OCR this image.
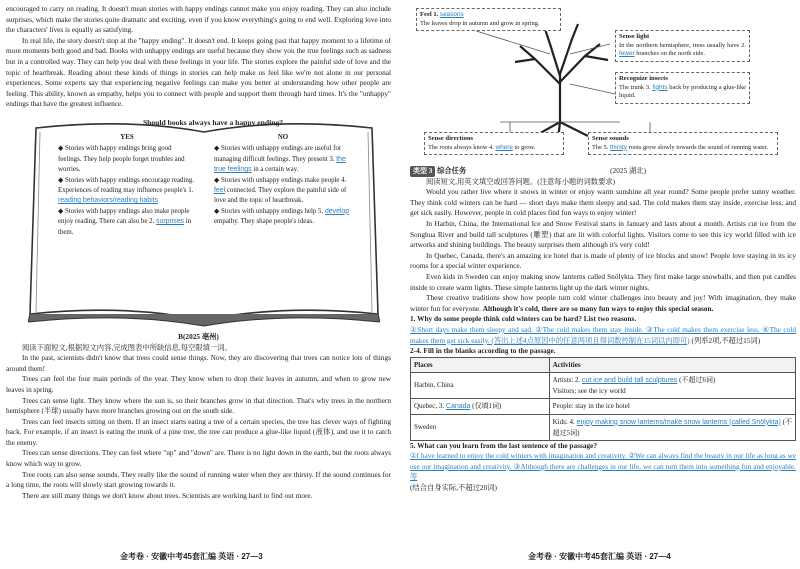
encouraged to carry on reading. It doesn't mean stories with happy endings cannot make you enjoy reading. They can also include surprises, which make the stories quite dramatic and exciting, even if you know everything's going to end well. Exploring love into the characters' lives is equally as satisfying.

In real life, the story doesn't stop at the "happy ending". It doesn't end. It keeps going past that happy moment to a lifetime of more moments both good and bad. Books with unhappy endings are useful because they show you the true feelings such as sadness but in a controlled way. They can help you deal with these feelings in your life. The stories explore the painful side of love and the topic of heartbreak. Reading about these kinds of things in stories can help make us feel like we're not alone in our personal experiences. Some experts say that experiencing negative feelings can make you better at understanding how other people are feeling. This ability, known as empathy, helps you to connect with people and support them through hard times. It's the "unhappy" endings that have the greatest influence.

Should books always have a happy ending?
YES

◆ Stories with happy endings bring good feelings. They help people forget troubles and worries.

◆ Stories with happy endings encourage reading. Experiences of reading may influence people's 1. reading behaviors/reading habits

◆ Stories with happy endings also make people enjoy reading. There can also be 2. surprises in them.

NO

◆ Stories with unhappy endings are useful for managing difficult feelings. They present 3. the true feelings in a certain way.

◆ Stories with unhappy endings make people 4. feel connected. They explore the painful side of love and the topic of heartbreak.

◆ Stories with unhappy endings help 5. develop empathy. They shape people's ideas.

B(2025 亳州)

阅读下面短文,根据短文内容,完成图表中所缺信息,每空限填一词。

In the past, scientists didn't know that trees could sense things. Now, they are discovering that trees can notice lots of things around them!

Trees can feel the four main periods of the year. They know when to drop their leaves in autumn, and when to grow new leaves in spring.

Trees can sense light. They know where the sun is, so their branches grow in that direction. That's why trees in the northern hemisphere (半球) usually have more branches growing out on the south side.

Trees can feel insects sitting on them. If an insect starts eating a tree of a certain species, the tree has clever ways of fighting back. For example, if an insect is eating the trunk of a pine tree, the tree can produce a glue-like liquid (液体), and use it to catch the enemy.

Trees can sense directions. They can feel where "up" and "down" are. There is no light down in the earth, but the roots always know which way to grow.

Tree roots can also sense sounds. They really like the sound of running water when they are thirsty. If the sound continues for a long time, the roots will slowly start growing towards it.

There are still many things we don't know about trees. Scientists are working hard to find out more.

金考卷 · 安徽中考45套汇编 英语 · 27—3
Feel 1. seasons
The leaves drop in autumn and grow in spring.
Sense light
In the northern hemisphere, trees usually have 2. fewer branches on the north side.
Recognize insects
The trunk 3. fights back by producing a glue-like liquid.
Sense directions
The roots always know 4. where to grow.
Sense sounds
The 5. thirsty roots grow slowly towards the sound of running water.

类型 3 综合任务	(2025 湖北)

阅读短文,用英文填空或回答问题。(注意每小题的词数要求)

Would you rather live where it snows in winter or enjoy warm sunshine all year round? Some people prefer sunny weather. They think cold winters can be hard — short days make them sleepy and sad. The cold makes them stay inside, exercise less, and get sick easily. However, people in cold places find fun ways to enjoy winter!

In Harbin, China, the International Ice and Snow Festival starts in January and lasts about a month. Artists cut ice from the Songhua River and build tall sculptures (雕塑) that are lit with colorful lights. Visitors come to see this icy world filled with ice artworks and shining buildings. The beauty surprises them although it's very cold!

In Quebec, Canada, there's an amazing ice hotel that is made of plenty of ice blocks and snow! People love staying in its icy rooms for a special winter experience.

Even kids in Sweden can enjoy making snow lanterns called Snölykta. They first make large snowballs, and then put candles inside to create warm lights. These simple lanterns light up the dark winter nights.

These creative traditions show how people turn cold winter challenges into beauty and joy! With imagination, they make winter fun for everyone. Although it's cold, there are so many fun ways to enjoy this special season.

1. Why do some people think cold winters can be hard? List two reasons.

①Short days make them sleepy and sad. ②The cold makes them stay inside. ③The cold makes them exercise less. ④The cold makes them get sick easily. (答出上述4点原因中的任意两项且得词数控制在15词以内即可) (列举2项,不超过15词)

2-4. Fill in the blanks according to the passage.

Places	Activities
Harbin, China	Artists: 2. cut ice and build tall sculptures (不超过6词)
Visitors: see the icy world
Quebec, 3. Canada (仅填1词)	People: stay in the ice hotel
Sweden	Kids: 4. enjoy making snow lanterns/make snow lanterns (called Snölykta) (不超过5词)

5. What can you learn from the last sentence of the passage?

①I have learned to enjoy the cold winters with imagination and creativity. ②We can always find the beauty in our life as long as we use our imagination and creativity. ③Although there are challenges in our life, we can turn them into something fun and enjoyable. 等

(结合自身实际,不超过20词)

金考卷 · 安徽中考45套汇编 英语 · 27—4
